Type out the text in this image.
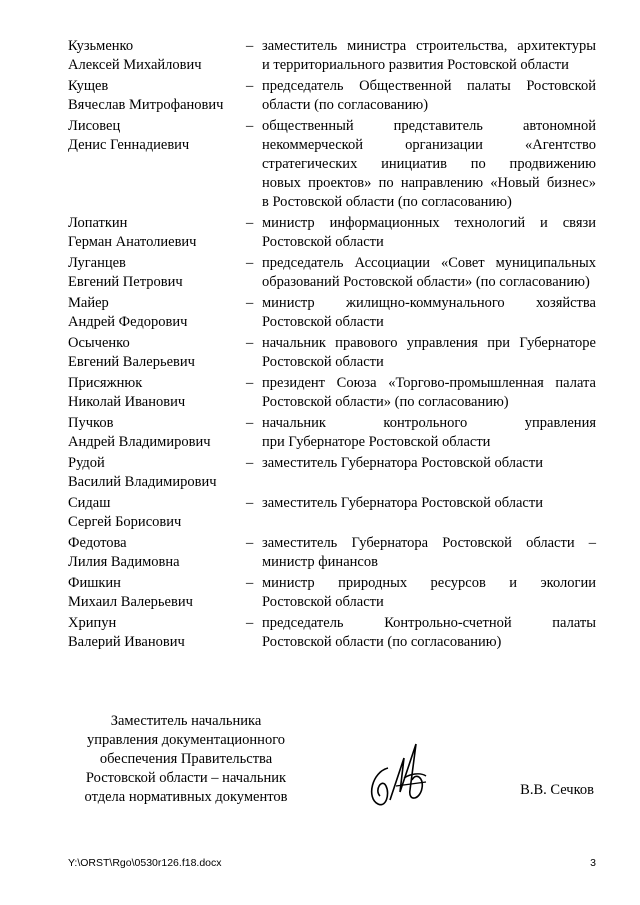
Кузьменко
Алексей Михайлович
– заместитель министра строительства, архитектуры
и территориального развития Ростовской области
Кущев
Вячеслав Митрофанович
– председатель Общественной палаты Ростовской
области (по согласованию)
Лисовец
Денис Геннадиевич
– общественный представитель автономной
некоммерческой организации «Агентство
стратегических инициатив по продвижению
новых проектов» по направлению «Новый бизнес»
в Ростовской области (по согласованию)
Лопаткин
Герман Анатолиевич
– министр информационных технологий и связи
Ростовской области
Луганцев
Евгений Петрович
– председатель Ассоциации «Совет муниципальных
образований Ростовской области» (по согласованию)
Майер
Андрей Федорович
– министр жилищно-коммунального хозяйства
Ростовской области
Осыченко
Евгений Валерьевич
– начальник правового управления при Губернаторе
Ростовской области
Присяжнюк
Николай Иванович
– президент Союза «Торгово-промышленная палата
Ростовской области» (по согласованию)
Пучков
Андрей Владимирович
– начальник контрольного управления
при Губернаторе Ростовской области
Рудой
Василий Владимирович
– заместитель Губернатора Ростовской области
Сидаш
Сергей Борисович
– заместитель Губернатора Ростовской области
Федотова
Лилия Вадимовна
– заместитель Губернатора Ростовской области –
министр финансов
Фишкин
Михаил Валерьевич
– министр природных ресурсов и экологии
Ростовской области
Хрипун
Валерий Иванович
– председатель Контрольно-счетной палаты
Ростовской области (по согласованию)
Заместитель начальника
управления документационного
обеспечения Правительства
Ростовской области – начальник
отдела нормативных документов	В.В. Сечков
Y:\ORST\Rgo\0530r126.f18.docx	3
